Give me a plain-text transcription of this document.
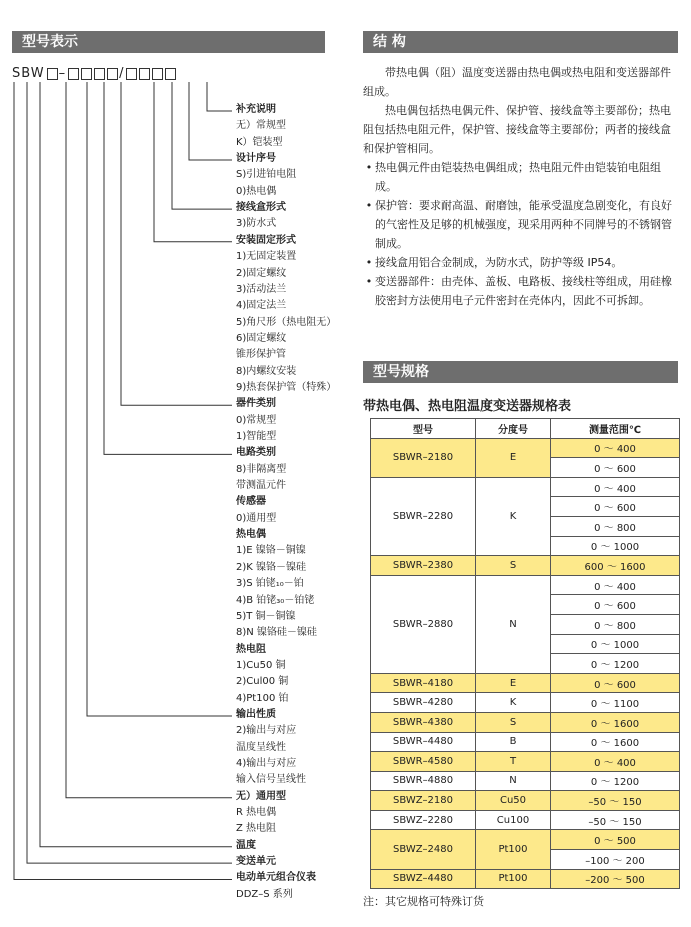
型号表示	结 构
型号规格
SBW –	/
补充说明
无）常规型
K）铠装型
设计序号
S)引进铂电阻
0)热电偶
接线盒形式
3)防水式
安装固定形式
1)无固定装置
2)固定螺纹
3)活动法兰
4)固定法兰
5)角尺形（热电阻无）
6)固定螺纹
锥形保护管
8)内螺纹安装
9)热套保护管（特殊）
器件类别
0)常规型
1)智能型
电路类别
8)非隔离型
带测温元件
传感器
0)通用型
热电偶
1)E 镍铬－铜镍
2)K 镍铬－镍硅
3)S 铂铑₁₀－铂
4)B 铂铑₃₀－铂铑
5)T 铜－铜镍
8)N 镍铬硅－镍硅
热电阻
1)Cu50 铜
2)Cul00 铜
4)Pt100 铂
输出性质
2)输出与对应
温度呈线性
4)输出与对应
输入信号呈线性
无）通用型
R 热电偶
Z 热电阻
温度
变送单元
电动单元组合仪表
DDZ–S 系列

带热电偶（阻）温度变送器由热电偶或热电阻和变送器部件组成。

热电偶包括热电偶元件、保护管、接线盒等主要部份；热电阻包括热电阻元件，保护管、接线盒等主要部份；两者的接线盒和保护管相同。

• 热电偶元件由铠装热电偶组成；热电阻元件由铠装铂电阻组成。
• 保护管：要求耐高温、耐磨蚀，能承受温度急剧变化，有良好的气密性及足够的机械强度，现采用两种不同牌号的不锈钢管制成。
• 接线盒用铝合金制成，为防水式，防护等级 IP54。
• 变送器部件：由壳体、盖板、电路板、接线柱等组成，用硅橡胶密封方法使用电子元件密封在壳体内，因此不可拆卸。
带热电偶、热电阻温度变送器规格表
型号	分度号	测量范围℃
SBWR–2180	E	0 ～ 400
		0 ～ 600
SBWR–2280	K	0 ～ 400
		0 ～ 600
		0 ～ 800
		0 ～ 1000
SBWR–2380	S	600 ～ 1600
SBWR–2880	N	0 ～ 400
		0 ～ 600
		0 ～ 800
		0 ～ 1000
		0 ～ 1200
SBWR–4180	E	0 ～ 600
SBWR–4280	K	0 ～ 1100
SBWR–4380	S	0 ～ 1600
SBWR–4480	B	0 ～ 1600
SBWR–4580	T	0 ～ 400
SBWR–4880	N	0 ～ 1200
SBWZ–2180	Cu50	–50 ～ 150
SBWZ–2280	Cu100	–50 ～ 150
SBWZ–2480	Pt100	0 ～ 500
		–100 ～ 200
SBWZ–4480	Pt100	–200 ～ 500
注：其它规格可特殊订货
